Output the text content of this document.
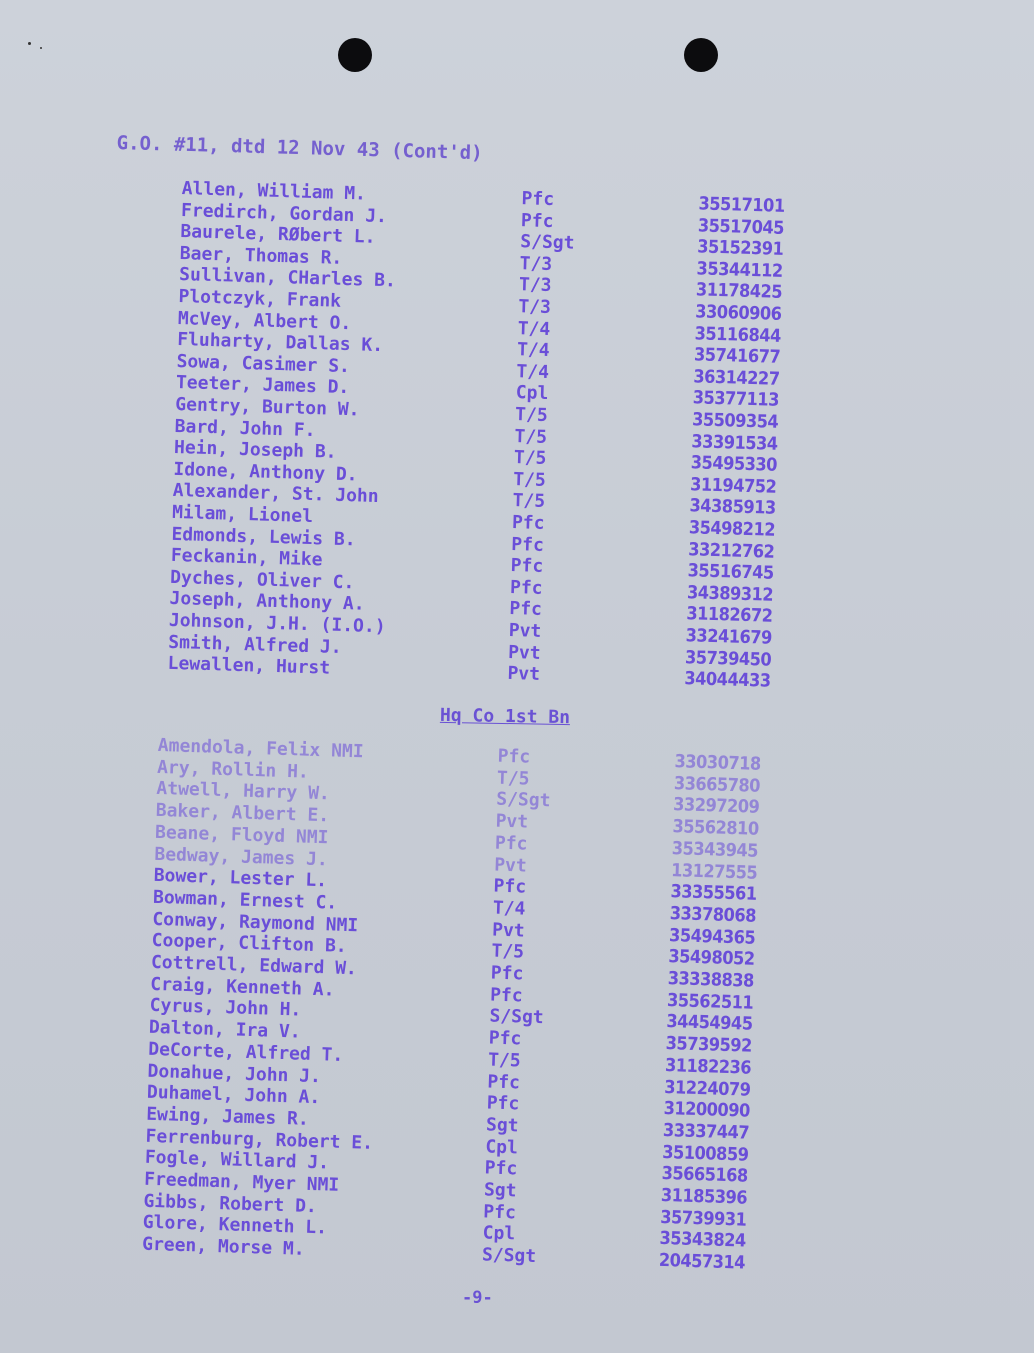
G.O. #11, dtd 12 Nov 43 (Cont'd)
Allen, William M.	Pfc	35517101
Fredirch, Gordan J.	Pfc	35517045
Baurele, RØbert L.	S/Sgt	35152391
Baer, Thomas R.	T/3	35344112
Sullivan, CHarles B.	T/3	31178425
Plotczyk, Frank	T/3	33060906
McVey, Albert O.	T/4	35116844
Fluharty, Dallas K.	T/4	35741677
Sowa, Casimer S.	T/4	36314227
Teeter, James D.	Cpl	35377113
Gentry, Burton W.	T/5	35509354
Bard, John F.	T/5	33391534
Hein, Joseph B.	T/5	35495330
Idone, Anthony D.	T/5	31194752
Alexander, St. John	T/5	34385913
Milam, Lionel	Pfc	35498212
Edmonds, Lewis B.	Pfc	33212762
Feckanin, Mike	Pfc	35516745
Dyches, Oliver C.	Pfc	34389312
Joseph, Anthony A.	Pfc	31182672
Johnson, J.H. (I.O.)	Pvt	33241679
Smith, Alfred J.	Pvt	35739450
Lewallen, Hurst	Pvt	34044433
Hq Co 1st Bn
Amendola, Felix NMI	Pfc	33030718
Ary, Rollin H.	T/5	33665780
Atwell, Harry W.	S/Sgt	33297209
Baker, Albert E.	Pvt	35562810
Beane, Floyd NMI	Pfc	35343945
Bedway, James J.	Pvt	13127555
Bower, Lester L.	Pfc	33355561
Bowman, Ernest C.	T/4	33378068
Conway, Raymond NMI	Pvt	35494365
Cooper, Clifton B.	T/5	35498052
Cottrell, Edward W.	Pfc	33338838
Craig, Kenneth A.	Pfc	35562511
Cyrus, John H.	S/Sgt	34454945
Dalton, Ira V.	Pfc	35739592
DeCorte, Alfred T.	T/5	31182236
Donahue, John J.	Pfc	31224079
Duhamel, John A.	Pfc	31200090
Ewing, James R.	Sgt	33337447
Ferrenburg, Robert E.	Cpl	35100859
Fogle, Willard J.	Pfc	35665168
Freedman, Myer NMI	Sgt	31185396
Gibbs, Robert D.	Pfc	35739931
Glore, Kenneth L.	Cpl	35343824
Green, Morse M.	S/Sgt	20457314
-9-
